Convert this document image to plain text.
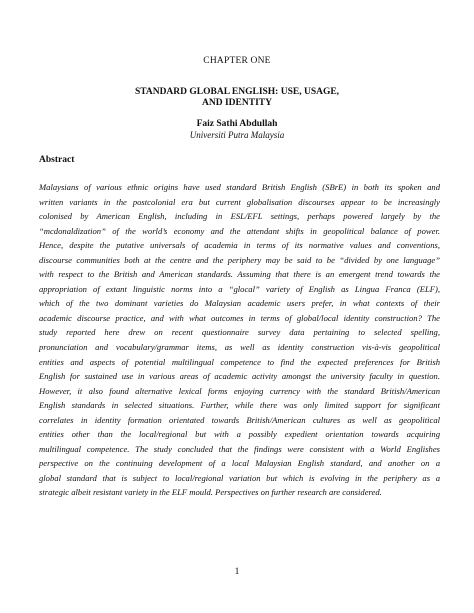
CHAPTER ONE
STANDARD GLOBAL ENGLISH: USE, USAGE,
AND IDENTITY
Faiz Sathi Abdullah
Universiti Putra Malaysia
Abstract
Malaysians of various ethnic origins have used standard British English (SBrE) in both its spoken and
written variants in the postcolonial era but current globalisation discourses appear to be increasingly
colonised by American English, including in ESL/EFL settings, perhaps powered largely by the
“mcdonaldization” of the world’s economy and the attendant shifts in geopolitical balance of power.
Hence, despite the putative universals of academia in terms of its normative values and conventions,
discourse communities both at the centre and the periphery may be said to be “divided by one language”
with respect to the British and American standards. Assuming that there is an emergent trend towards the
appropriation of extant linguistic norms into a “glocal” variety of English as Lingua Franca (ELF),
which of the two dominant varieties do Malaysian academic users prefer, in what contexts of their
academic discourse practice, and with what outcomes in terms of global/local identity construction? The
study reported here drew on recent questionnaire survey data pertaining to selected spelling,
pronunciation and vocabulary/grammar items, as well as identity construction vis-à-vis geopolitical
entities and aspects of potential multilingual competence to find the expected preferences for British
English for sustained use in various areas of academic activity amongst the university faculty in question.
However, it also found alternative lexical forms enjoying currency with the standard British/American
English standards in selected situations. Further, while there was only limited support for significant
correlates in identity formation orientated towards British/American cultures as well as geopolitical
entities other than the local/regional but with a possibly expedient orientation towards acquiring
multilingual competence. The study concluded that the findings were consistent with a World Englishes
perspective on the continuing development of a local Malaysian English standard, and another on a
global standard that is subject to local/regional variation but which is evolving in the periphery as a
strategic albeit resistant variety in the ELF mould. Perspectives on further research are considered.
1
